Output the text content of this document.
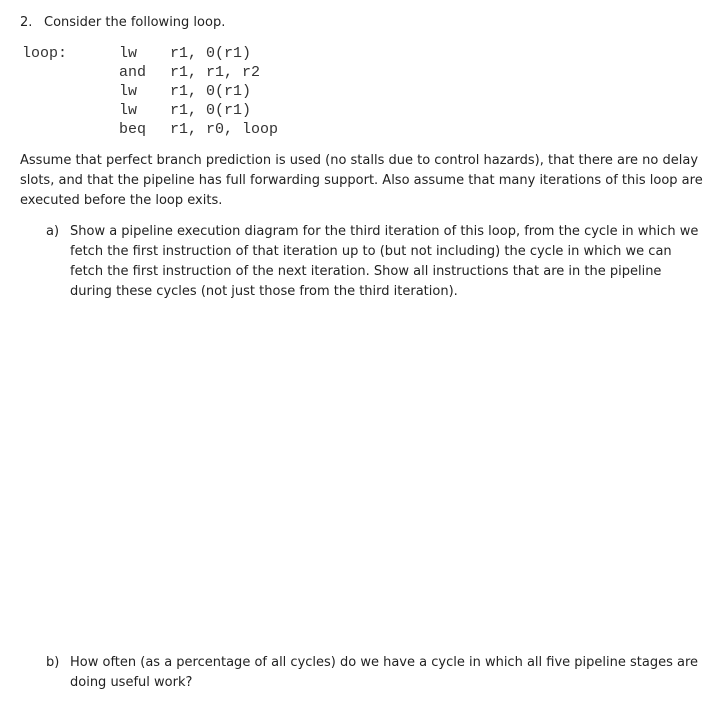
2. Consider the following loop.
loop:	lw r1, 0(r1)
and r1, r1, r2
lw r1, 0(r1)
lw r1, 0(r1)
beq r1, r0, loop
Assume that perfect branch prediction is used (no stalls due to control hazards), that there are no delay slots, and that the pipeline has full forwarding support. Also assume that many iterations of this loop are executed before the loop exits.
a) Show a pipeline execution diagram for the third iteration of this loop, from the cycle in which we fetch the first instruction of that iteration up to (but not including) the cycle in which we can fetch the first instruction of the next iteration. Show all instructions that are in the pipeline during these cycles (not just those from the third iteration).
b) How often (as a percentage of all cycles) do we have a cycle in which all five pipeline stages are doing useful work?
